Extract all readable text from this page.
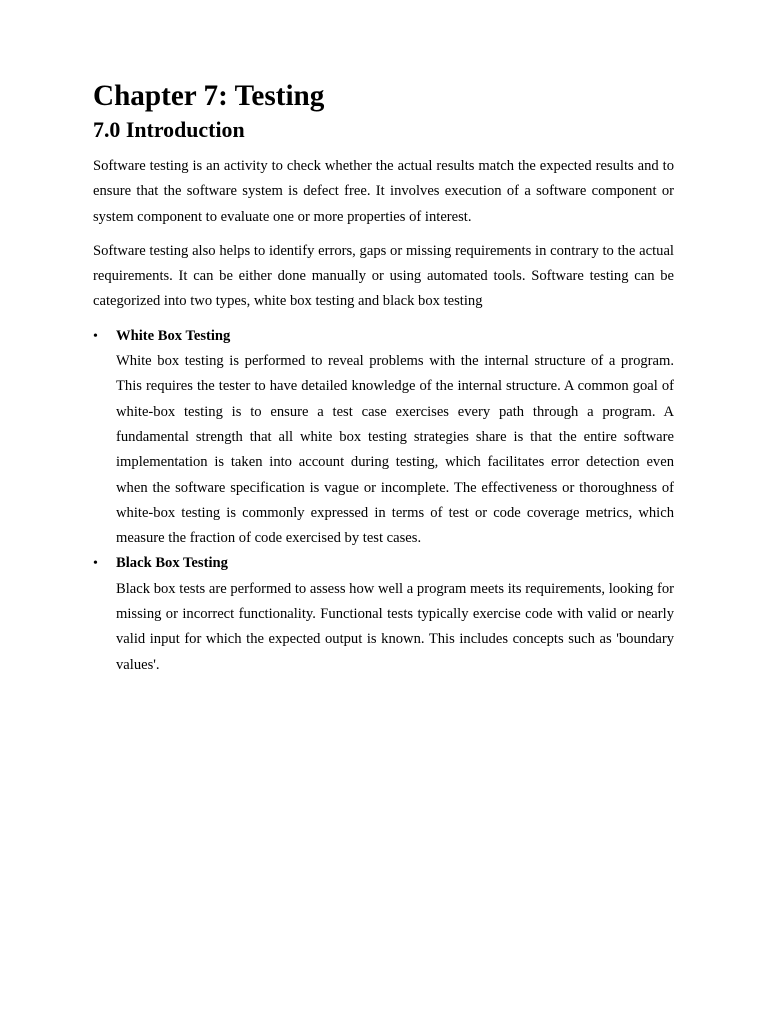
Chapter 7: Testing
7.0 Introduction

Software testing is an activity to check whether the actual results match the expected results and to ensure that the software system is defect free. It involves execution of a software component or system component to evaluate one or more properties of interest.

Software testing also helps to identify errors, gaps or missing requirements in contrary to the actual requirements. It can be either done manually or using automated tools. Software testing can be categorized into two types, white box testing and black box testing

•	White Box Testing
White box testing is performed to reveal problems with the internal structure of a program. This requires the tester to have detailed knowledge of the internal structure. A common goal of white-box testing is to ensure a test case exercises every path through a program. A fundamental strength that all white box testing strategies share is that the entire software implementation is taken into account during testing, which facilitates error detection even when the software specification is vague or incomplete. The effectiveness or thoroughness of white-box testing is commonly expressed in terms of test or code coverage metrics, which measure the fraction of code exercised by test cases.
•	Black Box Testing
Black box tests are performed to assess how well a program meets its requirements, looking for missing or incorrect functionality. Functional tests typically exercise code with valid or nearly valid input for which the expected output is known. This includes concepts such as 'boundary values'.
